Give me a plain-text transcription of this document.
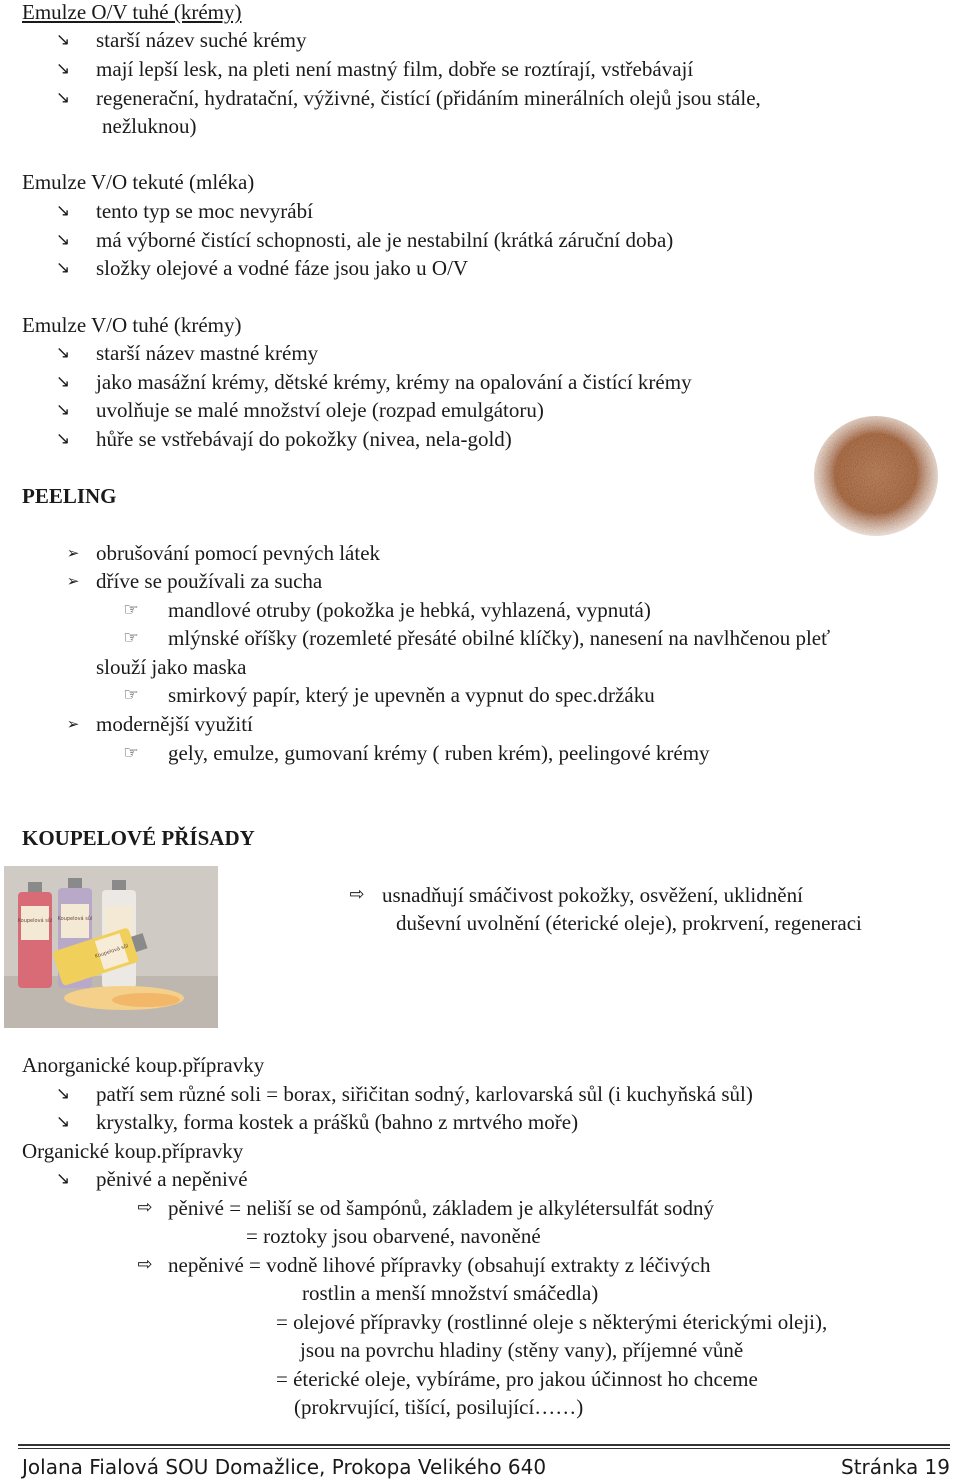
Emulze O/V tuhé (krémy)
↘ starší název suché krémy
↘ mají lepší lesk, na pleti není mastný film, dobře se roztírají, vstřebávají
↘ regenerační, hydratační, výživné, čistící (přidáním minerálních olejů jsou stále,
nežluknou)
Emulze V/O tekuté (mléka)
↘ tento typ se moc nevyrábí
↘ má výborné čistící schopnosti, ale je nestabilní (krátká záruční doba)
↘ složky olejové a vodné fáze jsou jako u O/V
Emulze V/O tuhé (krémy)
↘ starší název mastné krémy
↘ jako masážní krémy, dětské krémy, krémy na opalování a čistící krémy
↘ uvolňuje se malé množství oleje (rozpad emulgátoru)
↘ hůře se vstřebávají do pokožky (nivea, nela-gold)
PEELING
➢ obrušování pomocí pevných látek
➢ dříve se používali za sucha
☞ mandlové otruby (pokožka je hebká, vyhlazená, vypnutá)
☞ mlýnské oříšky (rozemleté přesáté obilné klíčky), nanesení na navlhčenou pleť
slouží jako maska
☞ smirkový papír, který je upevněn a vypnut do spec.držáku
➢ modernější využití
☞ gely, emulze, gumovaní krémy ( ruben krém), peelingové krémy
KOUPELOVÉ PŘÍSADY
Koupelová sůl Koupelová sůl
Koupelová sůl
⇨ usnadňují smáčivost pokožky, osvěžení, uklidnění
duševní uvolnění (éterické oleje), prokrvení, regeneraci
Anorganické koup.přípravky
↘ patří sem různé soli = borax, siřičitan sodný, karlovarská sůl (i kuchyňská sůl)
↘ krystalky, forma kostek a prášků (bahno z mrtvého moře)
Organické koup.přípravky
↘ pěnivé a nepěnivé
⇨ pěnivé = neliší se od šampónů, základem je alkylétersulfát sodný
= roztoky jsou obarvené, navoněné
⇨ nepěnivé = vodně lihové přípravky (obsahují extrakty z léčivých
rostlin a menší množství smáčedla)
= olejové přípravky (rostlinné oleje s některými éterickými oleji),
jsou na povrchu hladiny (stěny vany), příjemné vůně
= éterické oleje, vybíráme, pro jakou účinnost ho chceme
(prokrvující, tišící, posilující……)
Jolana Fialová SOU Domažlice, Prokopa Velikého 640	Stránka 19
